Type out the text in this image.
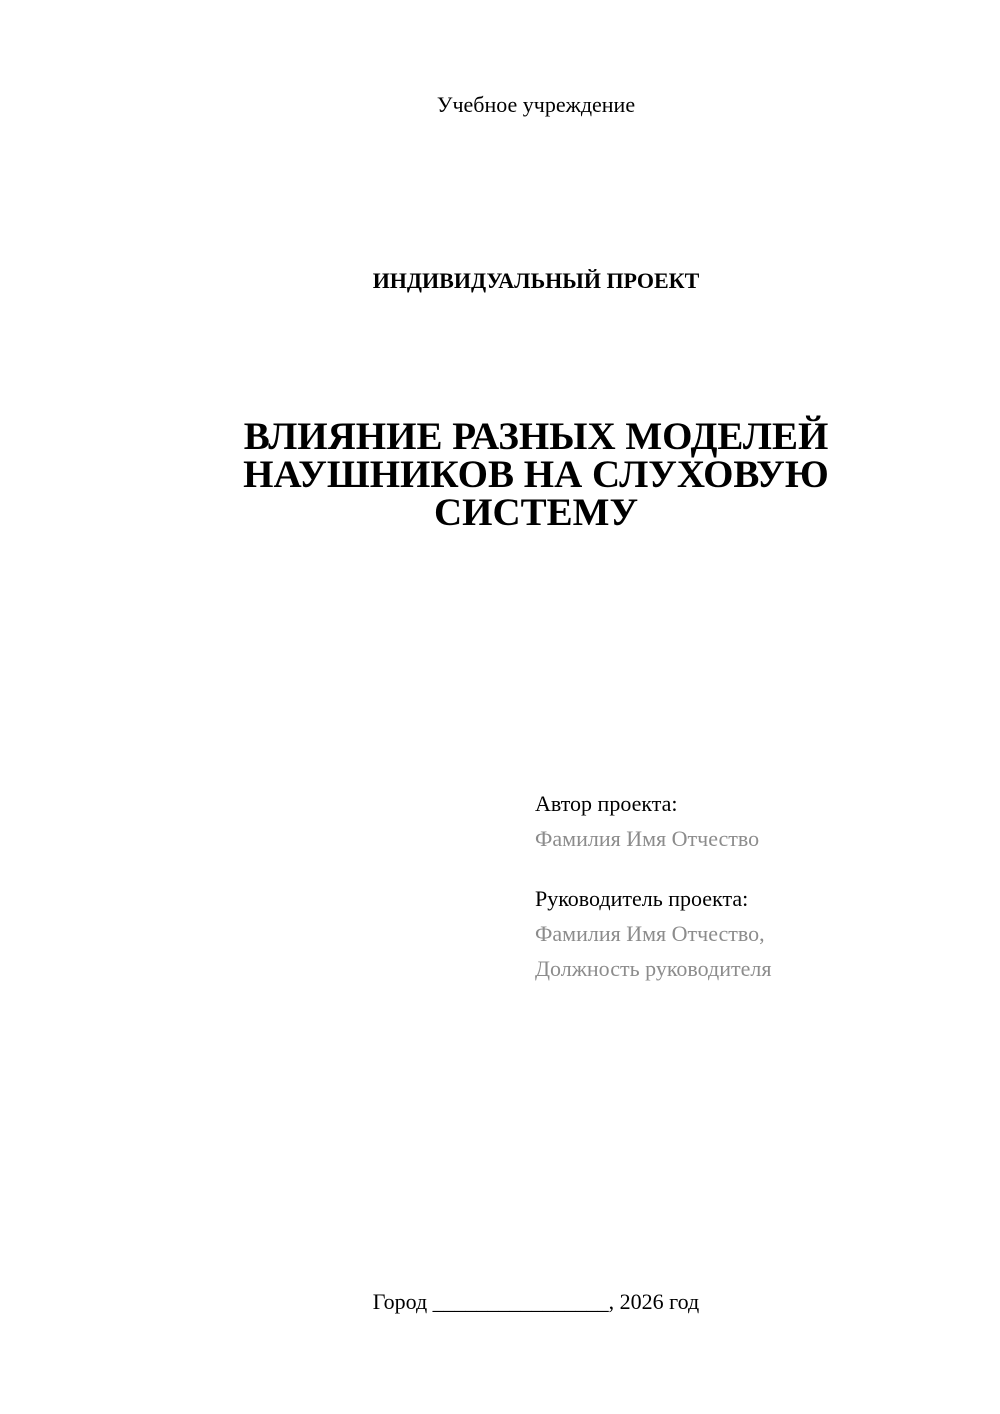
Учебное учреждение
ИНДИВИДУАЛЬНЫЙ ПРОЕКТ
ВЛИЯНИЕ РАЗНЫХ МОДЕЛЕЙ
НАУШНИКОВ НА СЛУХОВУЮ
СИСТЕМУ
Автор проекта:
Фамилия Имя Отчество
Руководитель проекта:
Фамилия Имя Отчество,
Должность руководителя
Город ________________, 2026 год
